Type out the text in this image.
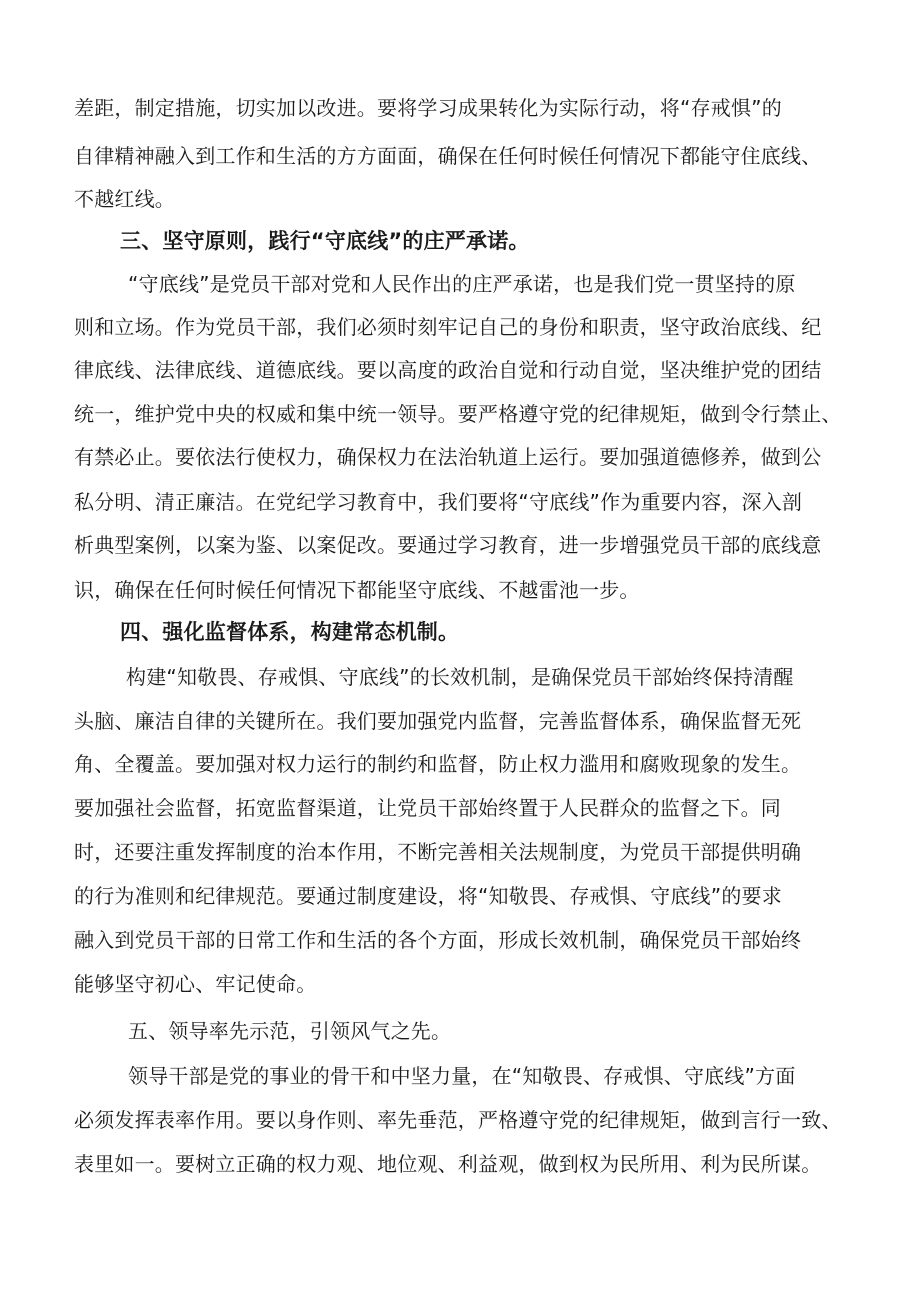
差距，制定措施，切实加以改进。要将学习成果转化为实际行动，将“存戒惧”的
自律精神融入到工作和生活的方方面面，确保在任何时候任何情况下都能守住底线、
不越红线。
三、坚守原则，践行“守底线”的庄严承诺。
“守底线”是党员干部对党和人民作出的庄严承诺，也是我们党一贯坚持的原
则和立场。作为党员干部，我们必须时刻牢记自己的身份和职责，坚守政治底线、纪
律底线、法律底线、道德底线。要以高度的政治自觉和行动自觉，坚决维护党的团结
统一，维护党中央的权威和集中统一领导。要严格遵守党的纪律规矩，做到令行禁止、
有禁必止。要依法行使权力，确保权力在法治轨道上运行。要加强道德修养，做到公
私分明、清正廉洁。在党纪学习教育中，我们要将“守底线”作为重要内容，深入剖
析典型案例，以案为鉴、以案促改。要通过学习教育，进一步增强党员干部的底线意
识，确保在任何时候任何情况下都能坚守底线、不越雷池一步。
四、强化监督体系，构建常态机制。
构建“知敬畏、存戒惧、守底线”的长效机制，是确保党员干部始终保持清醒
头脑、廉洁自律的关键所在。我们要加强党内监督，完善监督体系，确保监督无死
角、全覆盖。要加强对权力运行的制约和监督，防止权力滥用和腐败现象的发生。
要加强社会监督，拓宽监督渠道，让党员干部始终置于人民群众的监督之下。同
时，还要注重发挥制度的治本作用，不断完善相关法规制度，为党员干部提供明确
的行为准则和纪律规范。要通过制度建设，将“知敬畏、存戒惧、守底线”的要求
融入到党员干部的日常工作和生活的各个方面，形成长效机制，确保党员干部始终
能够坚守初心、牢记使命。
五、领导率先示范，引领风气之先。
领导干部是党的事业的骨干和中坚力量，在“知敬畏、存戒惧、守底线”方面
必须发挥表率作用。要以身作则、率先垂范，严格遵守党的纪律规矩，做到言行一致、
表里如一。要树立正确的权力观、地位观、利益观，做到权为民所用、利为民所谋。
